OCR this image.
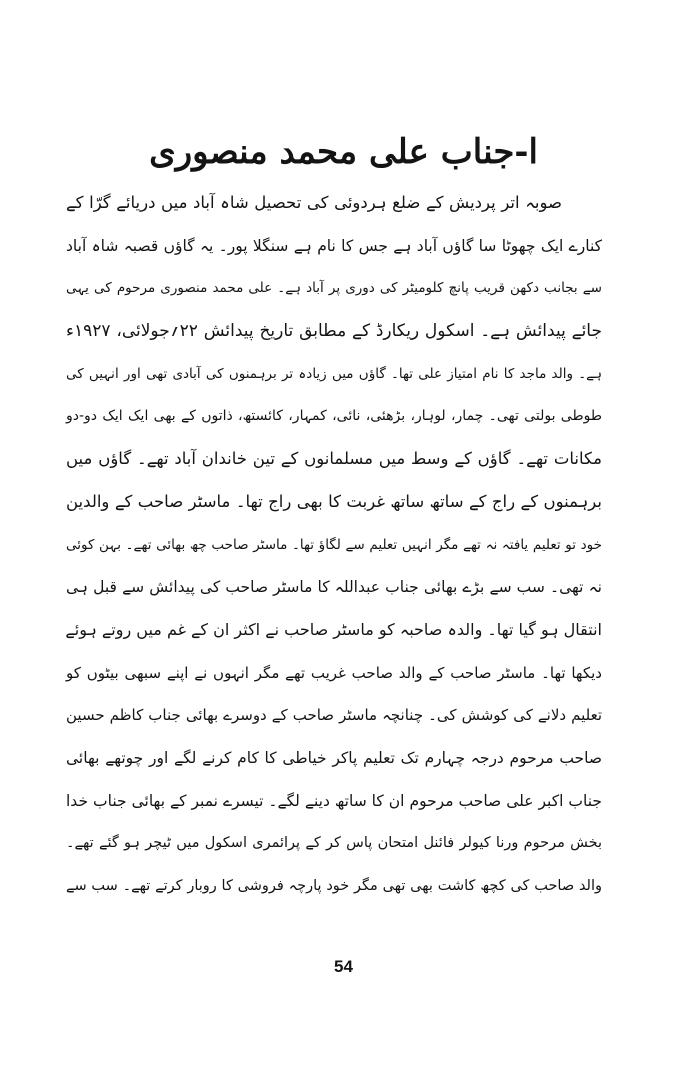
ا-جناب علی محمد منصوری
صوبہ اتر پردیش کے ضلع ہردوئی کی تحصیل شاہ آباد میں دریائے گرّا کے
کنارے ایک چھوٹا سا گاؤں آباد ہے جس کا نام ہے سنگلا پور۔ یہ گاؤں قصبہ شاہ آباد
سے بجانب دکھن قریب پانچ کلومیٹر کی دوری پر آباد ہے۔ علی محمد منصوری مرحوم کی یہی
جائے پیدائش ہے۔ اسکول ریکارڈ کے مطابق تاریخ پیدائش ۲۲؍جولائی، ۱۹۲۷ء
ہے۔ والد ماجد کا نام امتیاز علی تھا۔ گاؤں میں زیادہ تر برہمنوں کی آبادی تھی اور انہیں کی
طوطی بولتی تھی۔ چمار، لوہار، بڑھئی، نائی، کمہار، کائستھ، ذاتوں کے بھی ایک ایک دو-دو
مکانات تھے۔ گاؤں کے وسط میں مسلمانوں کے تین خاندان آباد تھے۔ گاؤں میں
برہمنوں کے راج کے ساتھ ساتھ غربت کا بھی راج تھا۔ ماسٹر صاحب کے والدین
خود تو تعلیم یافتہ نہ تھے مگر انہیں تعلیم سے لگاؤ تھا۔ ماسٹر صاحب چھ بھائی تھے۔ بہن کوئی
نہ تھی۔ سب سے بڑے بھائی جناب عبداللہ کا ماسٹر صاحب کی پیدائش سے قبل ہی
انتقال ہو گیا تھا۔ والدہ صاحبہ کو ماسٹر صاحب نے اکثر ان کے غم میں روتے ہوئے
دیکھا تھا۔ ماسٹر صاحب کے والد صاحب غریب تھے مگر انہوں نے اپنے سبھی بیٹوں کو
تعلیم دلانے کی کوشش کی۔ چنانچہ ماسٹر صاحب کے دوسرے بھائی جناب کاظم حسین
صاحب مرحوم درجہ چہارم تک تعلیم پاکر خیاطی کا کام کرنے لگے اور چوتھے بھائی
جناب اکبر علی صاحب مرحوم ان کا ساتھ دینے لگے۔ تیسرے نمبر کے بھائی جناب خدا
بخش مرحوم ورنا کیولر فائنل امتحان پاس کر کے پرائمری اسکول میں ٹیچر ہو گئے تھے۔
والد صاحب کی کچھ کاشت بھی تھی مگر خود پارچہ فروشی کا روبار کرتے تھے۔ سب سے
54
